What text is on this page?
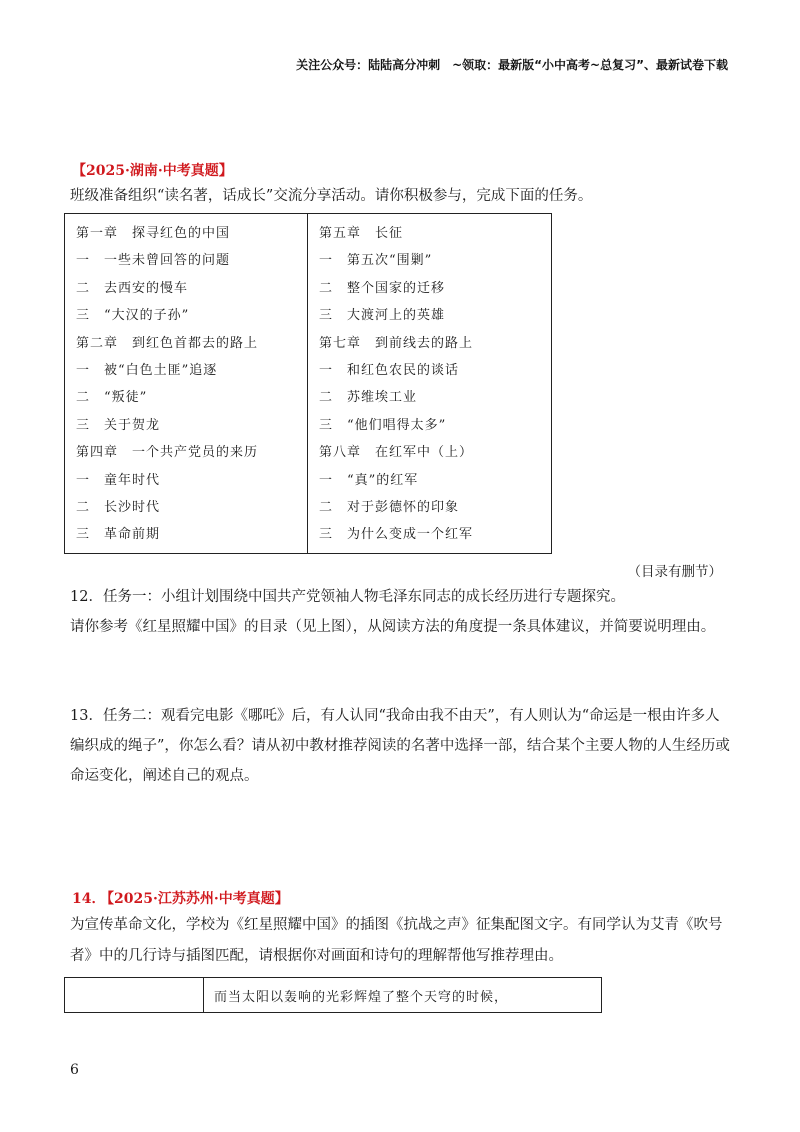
关注公众号：陆陆高分冲刺　~领取：最新版“小中高考~总复习”、最新试卷下载
【2025·湖南·中考真题】
班级准备组织“读名著，话成长”交流分享活动。请你积极参与，完成下面的任务。
第一章　探寻红色的中国
一　一些未曾回答的问题
二　去西安的慢车
三　“大汉的子孙”
第二章　到红色首都去的路上
一　被“白色土匪”追逐
二　“叛徒”
三　关于贺龙
第四章　一个共产党员的来历
一　童年时代
二　长沙时代
三　革命前期

第五章　长征
一　第五次“围剿”
二　整个国家的迁移
三　大渡河上的英雄
第七章　到前线去的路上
一　和红色农民的谈话
二　苏维埃工业
三　“他们唱得太多”
第八章　在红军中（上）
一　“真”的红军
二　对于彭德怀的印象
三　为什么变成一个红军
（目录有删节）
12．任务一：小组计划围绕中国共产党领袖人物毛泽东同志的成长经历进行专题探究。
请你参考《红星照耀中国》的目录（见上图），从阅读方法的角度提一条具体建议，并简要说明理由。
13．任务二：观看完电影《哪吒》后，有人认同“我命由我不由天”，有人则认为“命运是一根由许多人
编织成的绳子”，你怎么看？请从初中教材推荐阅读的名著中选择一部，结合某个主要人物的人生经历或
命运变化，阐述自己的观点。
14．
【2025·江苏苏州·中考真题】
为宣传革命文化，学校为《红星照耀中国》的插图《抗战之声》征集配图文字。有同学认为艾青《吹号
者》中的几行诗与插图匹配，请根据你对画面和诗句的理解帮他写推荐理由。
	而当太阳以轰响的光彩辉煌了整个天穹的时候，
6
